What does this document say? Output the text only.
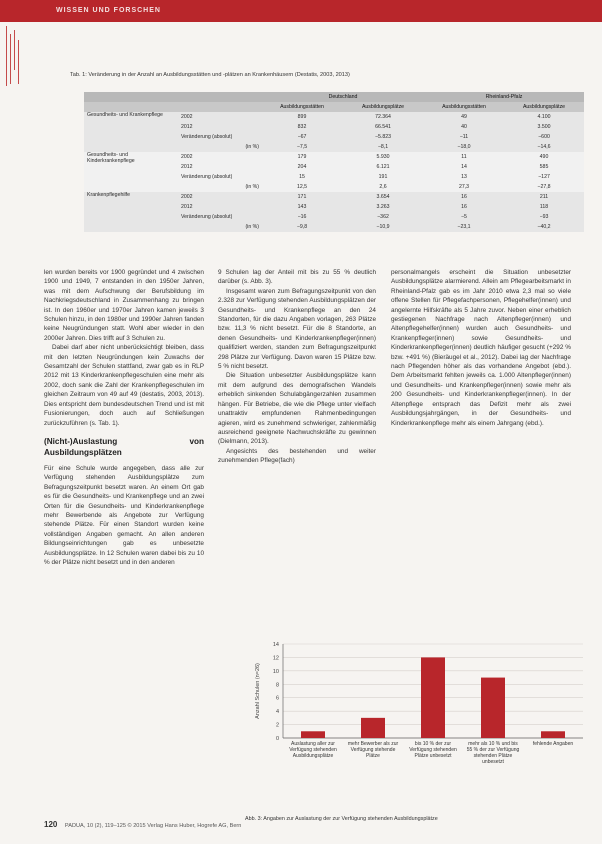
WISSEN UND FORSCHEN
Tab. 1: Veränderung in der Anzahl an Ausbildungsstätten und -plätzen an Krankenhäusern (Destatis, 2003, 2013)
		Deutschland		Rheinland-Pfalz	
		Ausbildungsstätten	Ausbildungsplätze	Ausbildungsstätten	Ausbildungsplätze
Gesundheits- und Krankenpflege	2002	899	72.364	49	4.100
	2012	832	66.541	40	3.500
	Veränderung (absolut)	−67	−5.823	−11	−600
	(in %)	−7,5	−8,1	−18,0	−14,6
Gesundheits- und Kinderkrankenpflege	2002	179	5.930	11	490
	2012	204	6.121	14	585
	Veränderung (absolut)	15	191	13	−127
	(in %)	12,5	2,6	27,3	−27,8
Krankenpflegehilfe	2002	171	3.654	16	211
	2012	143	3.263	16	118
	Veränderung (absolut)	−16	−362	−5	−93
	(in %)	−9,8	−10,9	−23,1	−40,2

len wurden bereits vor 1900 gegründet und 4 zwischen 1900 und 1949, 7 entstanden in den 1950er Jahren, was mit dem Aufschwung der Berufsbildung im Nachkriegsdeutschland in Zusammenhang zu bringen ist. In den 1960er und 1970er Jahren kamen jeweils 3 Schulen hinzu, in den 1980er und 1990er Jahren fanden keine Neugründungen statt. Wohl aber wieder in den 2000er Jahren. Dies trifft auf 3 Schulen zu.

Dabei darf aber nicht unberücksichtigt bleiben, dass mit den letzten Neugründungen kein Zuwachs der Gesamtzahl der Schulen stattfand, zwar gab es in RLP 2012 mit 13 Kinderkrankenpflegeschulen eine mehr als 2002, doch sank die Zahl der Krankenpflegeschulen im gleichen Zeitraum von 49 auf 49 (destatis, 2003, 2013). Dies entspricht dem bundesdeutschen Trend und ist mit Fusionierungen, doch auch auf Schließungen zurückzuführen (s. Tab. 1).

(Nicht-)Auslastung von Ausbildungsplätzen

Für eine Schule wurde angegeben, dass alle zur Verfügung stehenden Ausbildungsplätze zum Befragungszeitpunkt besetzt waren. An einem Ort gab es für die Gesundheits- und Krankenpflege und an zwei Orten für die Gesundheits- und Kinderkrankenpflege mehr Bewerbende als Angebote zur Verfügung stehende Plätze. Für einen Standort wurden keine vollständigen Angaben gemacht. An allen anderen Bildungseinrichtungen gab es unbesetzte Ausbildungsplätze. In 12 Schulen waren dabei bis zu 10 % der Plätze nicht besetzt und in den anderen

9 Schulen lag der Anteil mit bis zu 55 % deutlich darüber (s. Abb. 3).

Insgesamt waren zum Befragungszeitpunkt von den 2.328 zur Verfügung stehenden Ausbildungsplätzen der Gesundheits- und Krankenpflege an den 24 Standorten, für die dazu Angaben vorlagen, 263 Plätze bzw. 11,3 % nicht besetzt. Für die 8 Standorte, an denen Gesundheits- und Kinderkrankenpfleger(innen) qualifiziert werden, standen zum Befragungszeitpunkt 298 Plätze zur Verfügung. Davon waren 15 Plätze bzw. 5 % nicht besetzt.

Die Situation unbesetzter Ausbildungsplätze kann mit dem aufgrund des demografischen Wandels erheblich sinkenden Schulabgängerzahlen zusammen hängen. Für Betriebe, die wie die Pflege unter vielfach unattraktiv empfundenen Rahmenbedingungen agieren, wird es zunehmend schwieriger, zahlenmäßig ausreichend geeignete Nachwuchskräfte zu gewinnen (Dielmann, 2013).

Angesichts des bestehenden und weiter zunehmenden Pflege(fach)

personalmangels erscheint die Situation unbesetzter Ausbildungsplätze alarmierend. Allein am Pflegearbeitsmarkt in Rheinland-Pfalz gab es im Jahr 2010 etwa 2,3 mal so viele offene Stellen für Pflegefachpersonen, Pflegehelfer(innen) und angelernte Hilfskräfte als 5 Jahre zuvor. Neben einer erheblich gestiegenen Nachfrage nach Altenpfleger(innen) und Altenpflegehelfer(innen) wurden auch Gesundheits- und Krankenpfleger(innen) sowie Gesundheits- und Kinderkrankenpfleger(innen) deutlich häufiger gesucht (+292 % bzw. +491 %) (Bieräugel et al., 2012). Dabei lag der Nachfrage nach Pflegenden höher als das vorhandene Angebot (ebd.). Dem Arbeitsmarkt fehlten jeweils ca. 1.000 Altenpfleger(innen) und Gesundheits- und Krankenpfleger(innen) sowie mehr als 200 Gesundheits- und Kinderkrankenpfleger(innen). In der Altenpflege entsprach das Defizit mehr als zwei Ausbildungsjahrgängen, in der Gesundheits- und Kinderkrankenpflege mehr als einem Jahrgang (ebd.).

0
2
4
6
8
10
12
14
Anzahl Schulen (n=26)
Auslastung aller zur Verfügung stehenden Ausbildungsplätze
mehr Bewerber als zur Verfügung stehende Plätze
bis 10 % der zur Verfügung stehenden Plätze unbesetzt
mehr als 10 % und bis 55 % der zur Verfügung stehenden Plätze unbesetzt
fehlende Angaben
Abb. 3: Angaben zur Auslastung der zur Verfügung stehenden Ausbildungsplätze
120 PADUA, 10 (2), 119–125 © 2015 Verlag Hans Huber, Hogrefe AG, Bern
